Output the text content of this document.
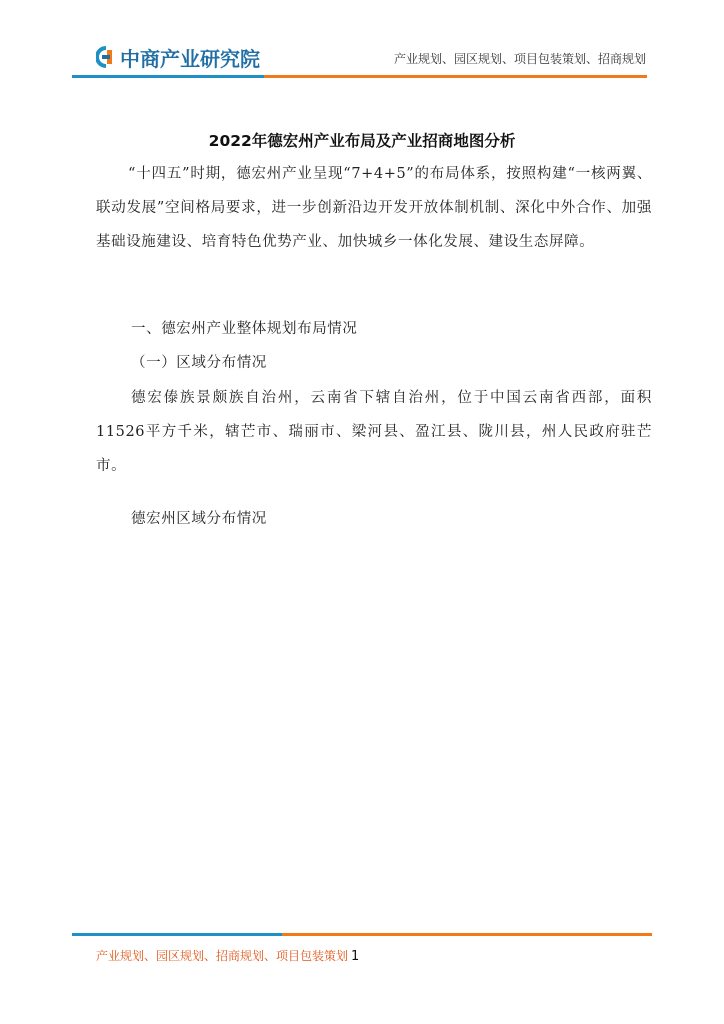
中商产业研究院	产业规划、园区规划、项目包装策划、招商规划
2022年德宏州产业布局及产业招商地图分析
“十四五”时期，德宏州产业呈现“7+4+5”的布局体系，按照构建“一核两翼、联动发展”空间格局要求，进一步创新沿边开发开放体制机制、深化中外合作、加强基础设施建设、培育特色优势产业、加快城乡一体化发展、建设生态屏障。
一、德宏州产业整体规划布局情况
（一）区域分布情况
德宏傣族景颇族自治州，云南省下辖自治州，位于中国云南省西部，面积11526平方千米，辖芒市、瑞丽市、梁河县、盈江县、陇川县，州人民政府驻芒市。
德宏州区域分布情况
产业规划、园区规划、招商规划、项目包装策划 1
